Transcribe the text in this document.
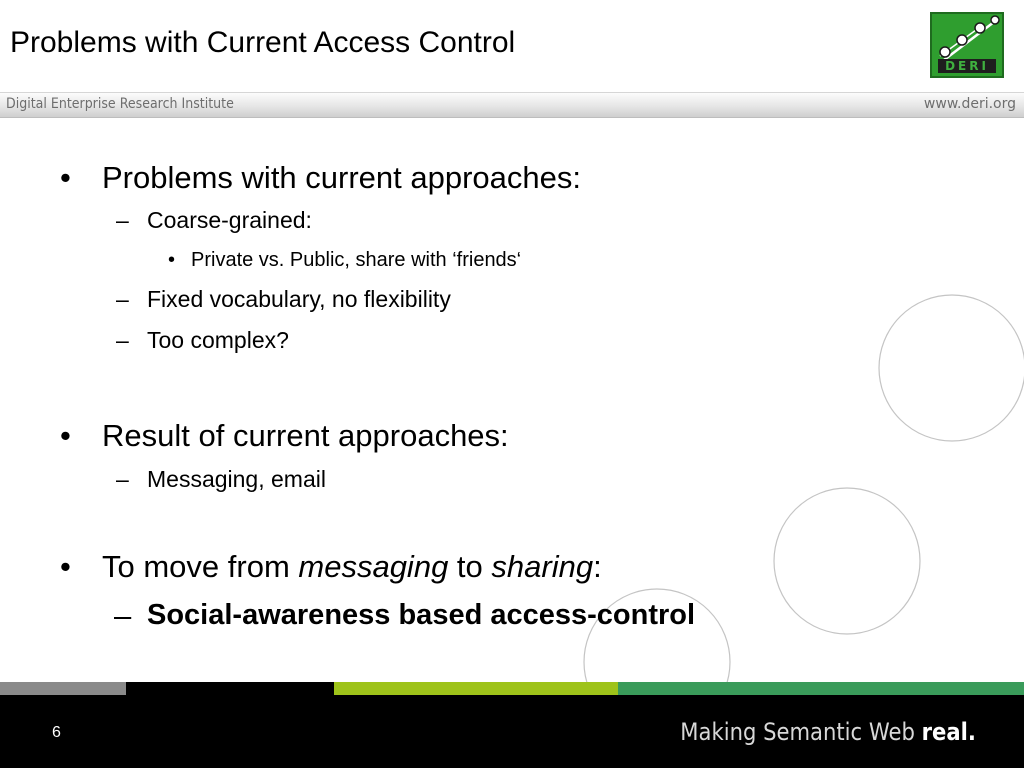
Problems with Current Access Control
DERI
Digital Enterprise Research Institute	www.deri.org
• Problems with current approaches:
– Coarse-grained:
• Private vs. Public, share with ‘friends‘
– Fixed vocabulary, no flexibility
– Too complex?
• Result of current approaches:
– Messaging, email
• To move from messaging to sharing:
– Social-awareness based access-control
6	Making Semantic Web real.
